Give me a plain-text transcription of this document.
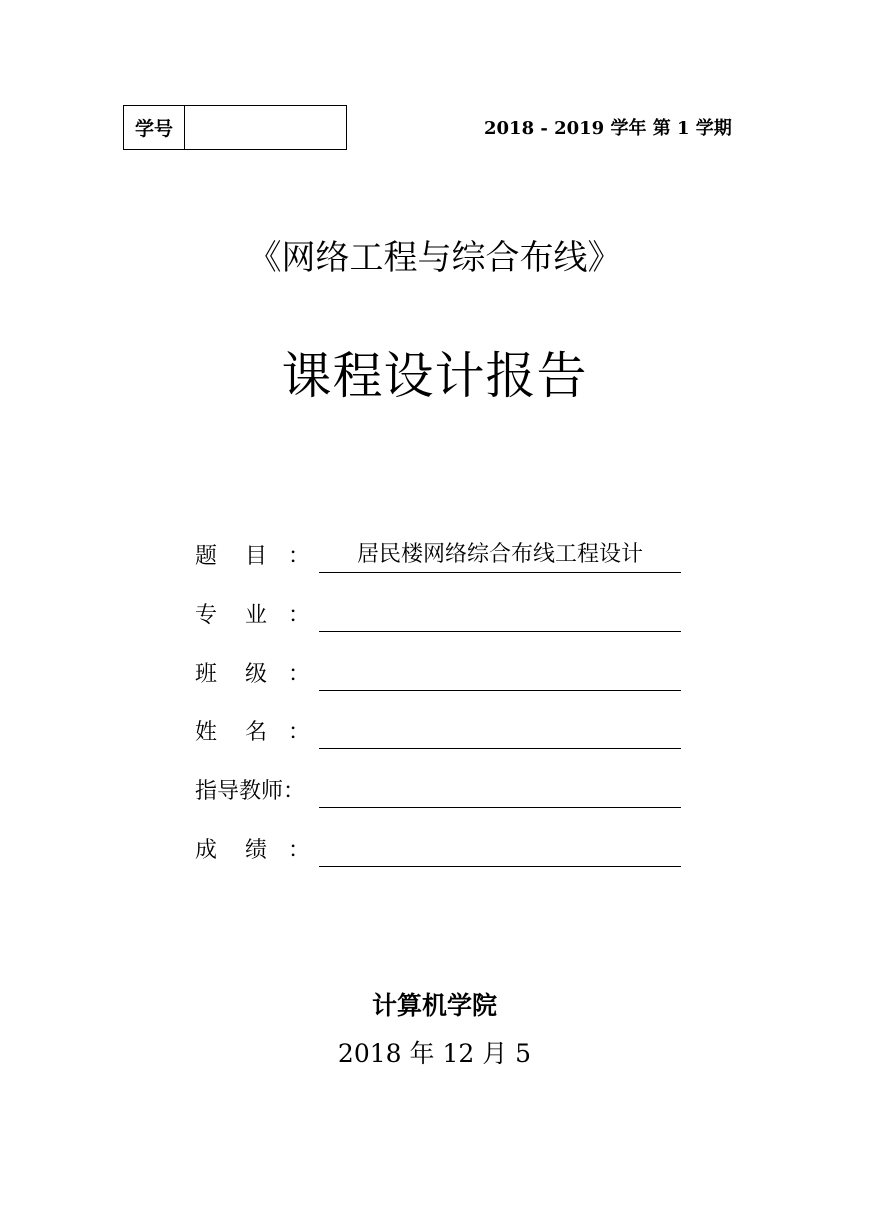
学号	2018 - 2019 学年 第 1 学期
《网络工程与综合布线》
课程设计报告
题    目   ：	居民楼网络综合布线工程设计
专    业   ：
班    级   ：
姓    名   ：
指导教师：
成    绩   ：
计算机学院
2018 年 12 月 5
